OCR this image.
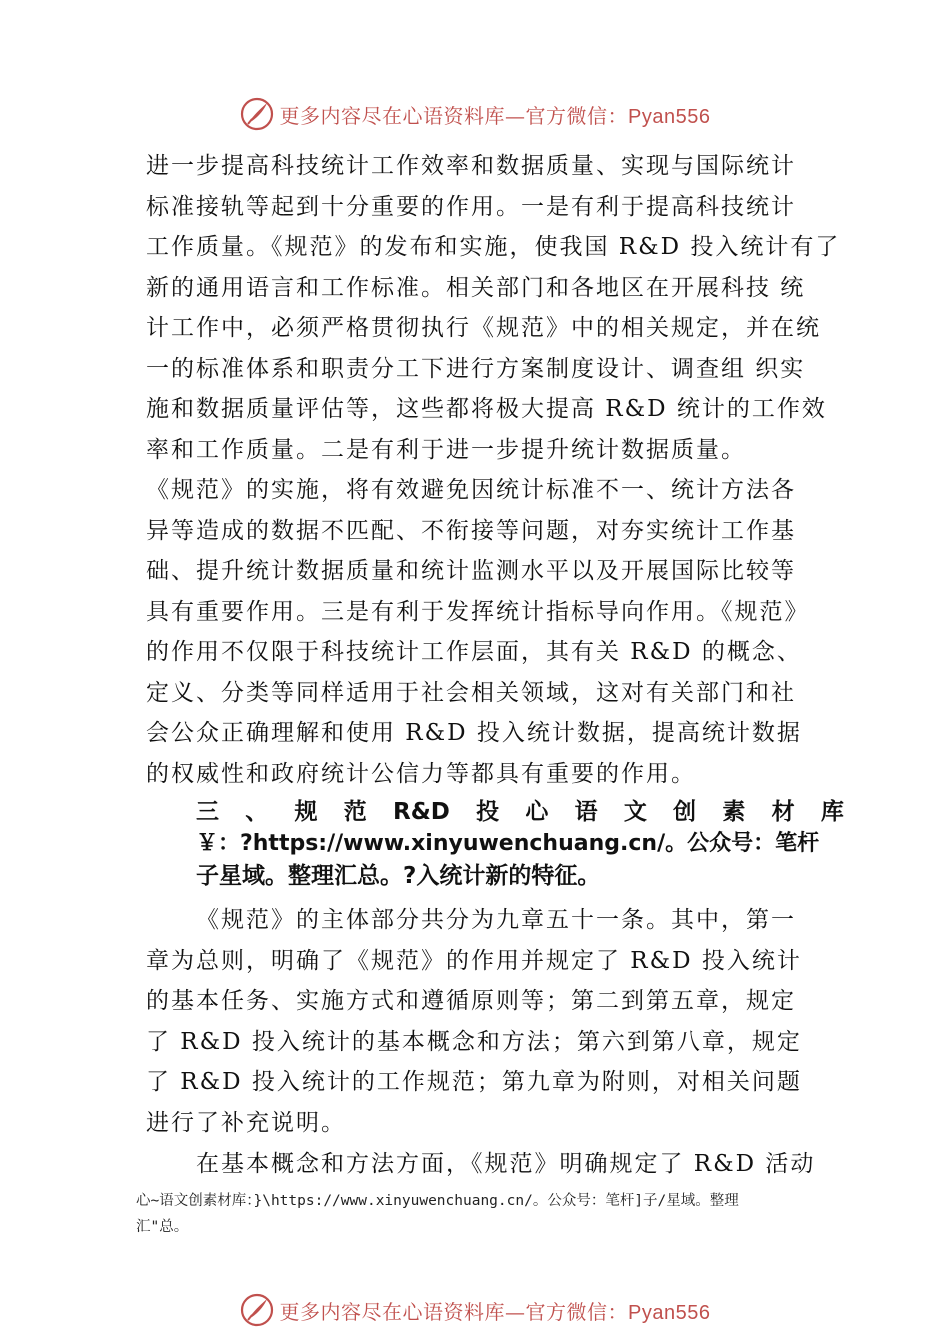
更多内容尽在心语资料库—官方微信：Pyan556
进一步提高科技统计工作效率和数据质量、实现与国际统计
标准接轨等起到十分重要的作用。一是有利于提高科技统计
工作质量。《规范》的发布和实施，使我国 R&D 投入统计有了
新的通用语言和工作标准。相关部门和各地区在开展科技 统
计工作中，必须严格贯彻执行《规范》中的相关规定，并在统
一的标准体系和职责分工下进行方案制度设计、调查组 织实
施和数据质量评估等，这些都将极大提高 R&D 统计的工作效
率和工作质量。二是有利于进一步提升统计数据质量。
《规范》的实施，将有效避免因统计标准不一、统计方法各
异等造成的数据不匹配、不衔接等问题，对夯实统计工作基
础、提升统计数据质量和统计监测水平以及开展国际比较等
具有重要作用。三是有利于发挥统计指标导向作用。《规范》
的作用不仅限于科技统计工作层面，其有关 R&D 的概念、
定义、分类等同样适用于社会相关领域，这对有关部门和社
会公众正确理解和使用 R&D 投入统计数据，提高统计数据
的权威性和政府统计公信力等都具有重要的作用。
三 、 规 范 R&D 投 心 语 文 创 素 材 库
￥：?https://www.xinyuwenchuang.cn/。公众号：笔杆
子星域。整理汇总。?入统计新的特征。
《规范》的主体部分共分为九章五十一条。其中，第一
章为总则，明确了《规范》的作用并规定了 R&D 投入统计
的基本任务、实施方式和遵循原则等；第二到第五章，规定
了 R&D 投入统计的基本概念和方法；第六到第八章，规定
了 R&D 投入统计的工作规范；第九章为附则，对相关问题
进行了补充说明。
在基本概念和方法方面，《规范》明确规定了 R&D 活动
心~语文创素材库：}\https://www.xinyuwenchuang.cn/。公众号：笔杆]子/星域。整理
汇"总。
更多内容尽在心语资料库—官方微信：Pyan556
